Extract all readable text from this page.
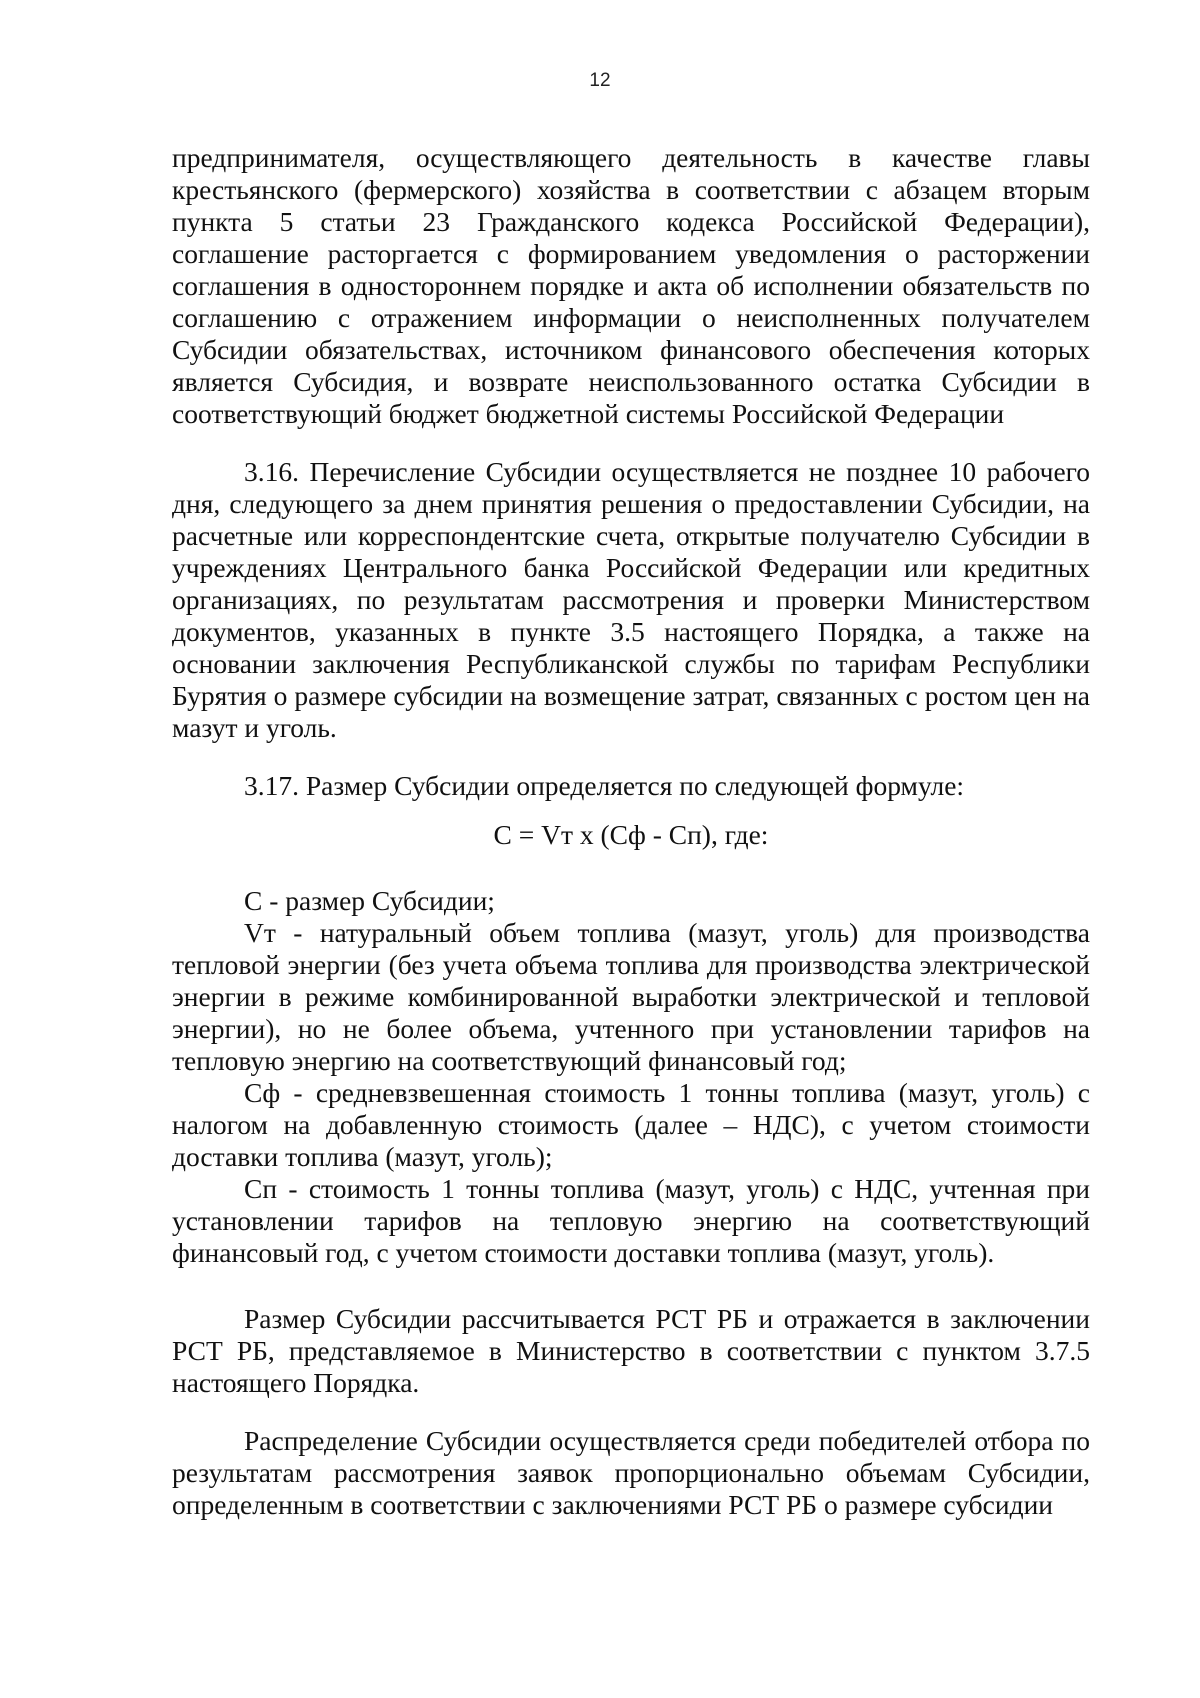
12

предпринимателя, осуществляющего деятельность в качестве главы крестьянского (фермерского) хозяйства в соответствии с абзацем вторым пункта 5 статьи 23 Гражданского кодекса Российской Федерации), соглашение расторгается с формированием уведомления о расторжении соглашения в одностороннем порядке и акта об исполнении обязательств по соглашению с отражением информации о неисполненных получателем Субсидии обязательствах, источником финансового обеспечения которых является Субсидия, и возврате неиспользованного остатка Субсидии в соответствующий бюджет бюджетной системы Российской Федерации

3.16. Перечисление Субсидии осуществляется не позднее 10 рабочего дня, следующего за днем принятия решения о предоставлении Субсидии, на расчетные или корреспондентские счета, открытые получателю Субсидии в учреждениях Центрального банка Российской Федерации или кредитных организациях, по результатам рассмотрения и проверки Министерством документов, указанных в пункте 3.5 настоящего Порядка, а также на основании заключения Республиканской службы по тарифам Республики Бурятия о размере субсидии на возмещение затрат, связанных с ростом цен на мазут и уголь.

3.17. Размер Субсидии определяется по следующей формуле:

С = Vт х (Сф - Сп), где:

С - размер Субсидии;

Vт - натуральный объем топлива (мазут, уголь) для производства тепловой энергии (без учета объема топлива для производства электрической энергии в режиме комбинированной выработки электрической и тепловой энергии), но не более объема, учтенного при установлении тарифов на тепловую энергию на соответствующий финансовый год;

Сф - средневзвешенная стоимость 1 тонны топлива (мазут, уголь) с налогом на добавленную стоимость (далее – НДС), с учетом стоимости доставки топлива (мазут, уголь);

Сп - стоимость 1 тонны топлива (мазут, уголь) с НДС, учтенная при установлении тарифов на тепловую энергию на соответствующий финансовый год, с учетом стоимости доставки топлива (мазут, уголь).

Размер Субсидии рассчитывается РСТ РБ и отражается в заключении РСТ РБ, представляемое в Министерство в соответствии с пунктом 3.7.5 настоящего Порядка.

Распределение Субсидии осуществляется среди победителей отбора по результатам рассмотрения заявок пропорционально объемам Субсидии, определенным в соответствии с заключениями РСТ РБ о размере субсидии
